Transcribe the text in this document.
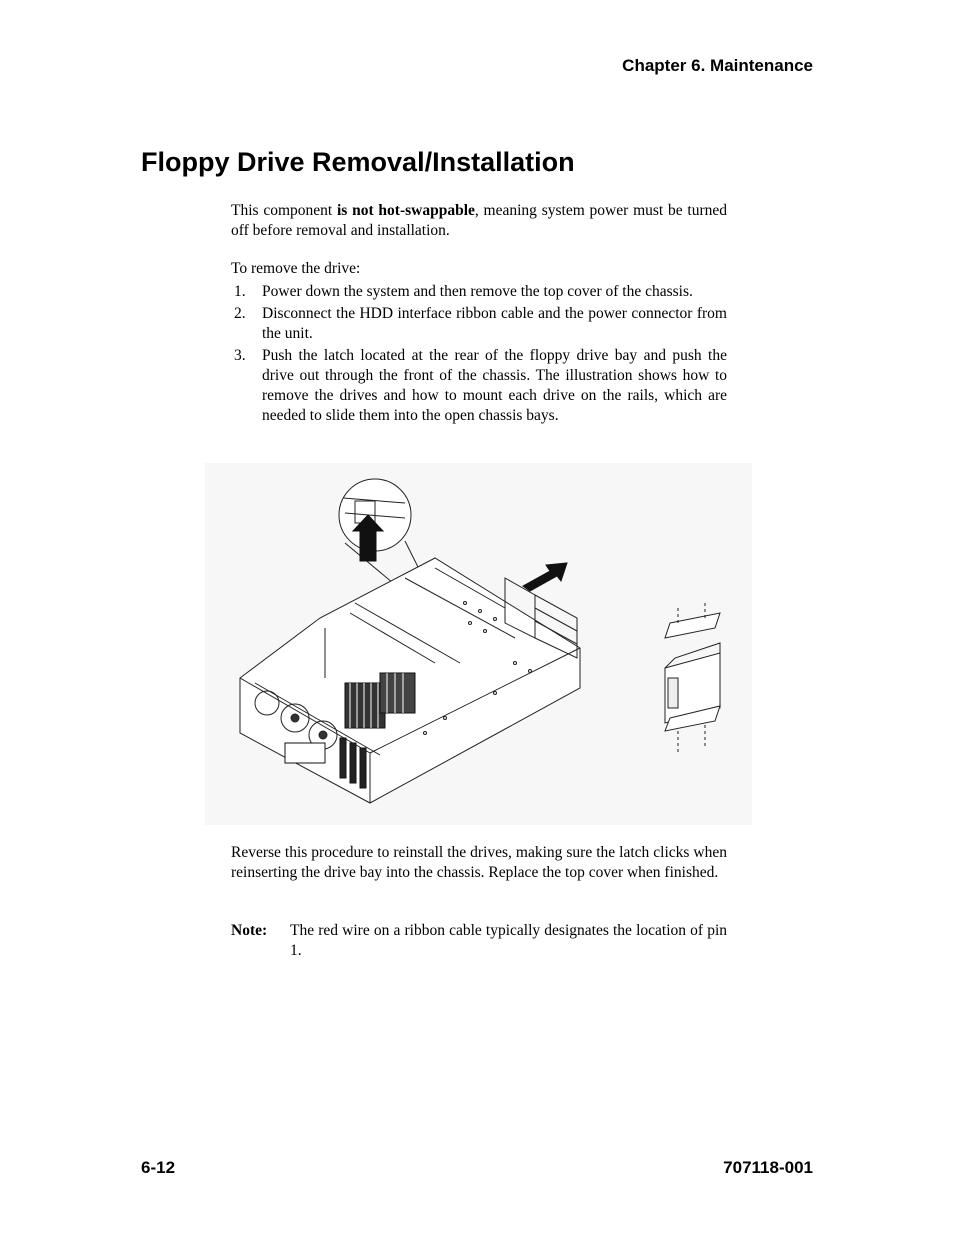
Chapter 6. Maintenance
Floppy Drive Removal/Installation
This component is not hot-swappable, meaning system power must be turned off before removal and installation.
To remove the drive:
1.	Power down the system and then remove the top cover of the chassis.
2.	Disconnect the HDD interface ribbon cable and the power connector from the unit.
3.	Push the latch located at the rear of the floppy drive bay and push the drive out through the front of the chassis. The illustration shows how to remove the drives and how to mount each drive on the rails, which are needed to slide them into the open chassis bays.
Reverse this procedure to reinstall the drives, making sure the latch clicks when reinserting the drive bay into the chassis. Replace the top cover when finished.
Note:	The red wire on a ribbon cable typically designates the location of pin 1.
6-12	707118-001
